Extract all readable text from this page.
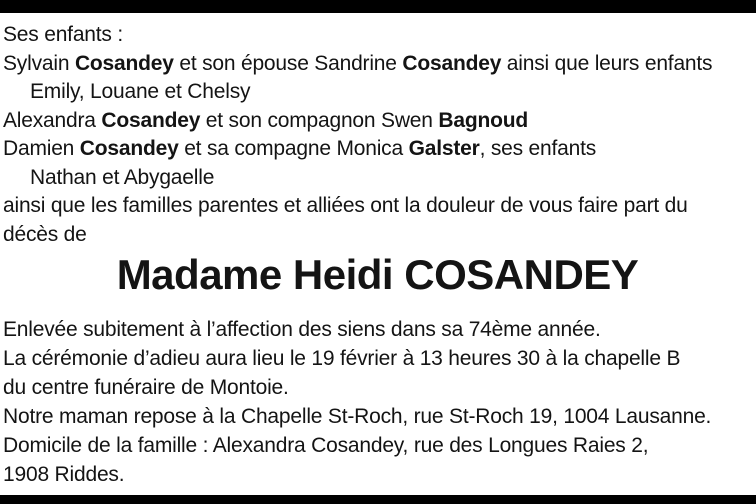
Ses enfants :

Sylvain Cosandey et son épouse Sandrine Cosandey ainsi que leurs enfants

Emily, Louane et Chelsy

Alexandra Cosandey et son compagnon Swen Bagnoud

Damien Cosandey et sa compagne Monica Galster, ses enfants

Nathan et Abygaelle

ainsi que les familles parentes et alliées ont la douleur de vous faire part du

décès de

Madame Heidi COSANDEY

Enlevée subitement à l’affection des siens dans sa 74ème année.

La cérémonie d’adieu aura lieu le 19 février à 13 heures 30 à la chapelle B

du centre funéraire de Montoie.

Notre maman repose à la Chapelle St-Roch, rue St-Roch 19, 1004 Lausanne.

Domicile de la famille : Alexandra Cosandey, rue des Longues Raies 2,

1908 Riddes.
